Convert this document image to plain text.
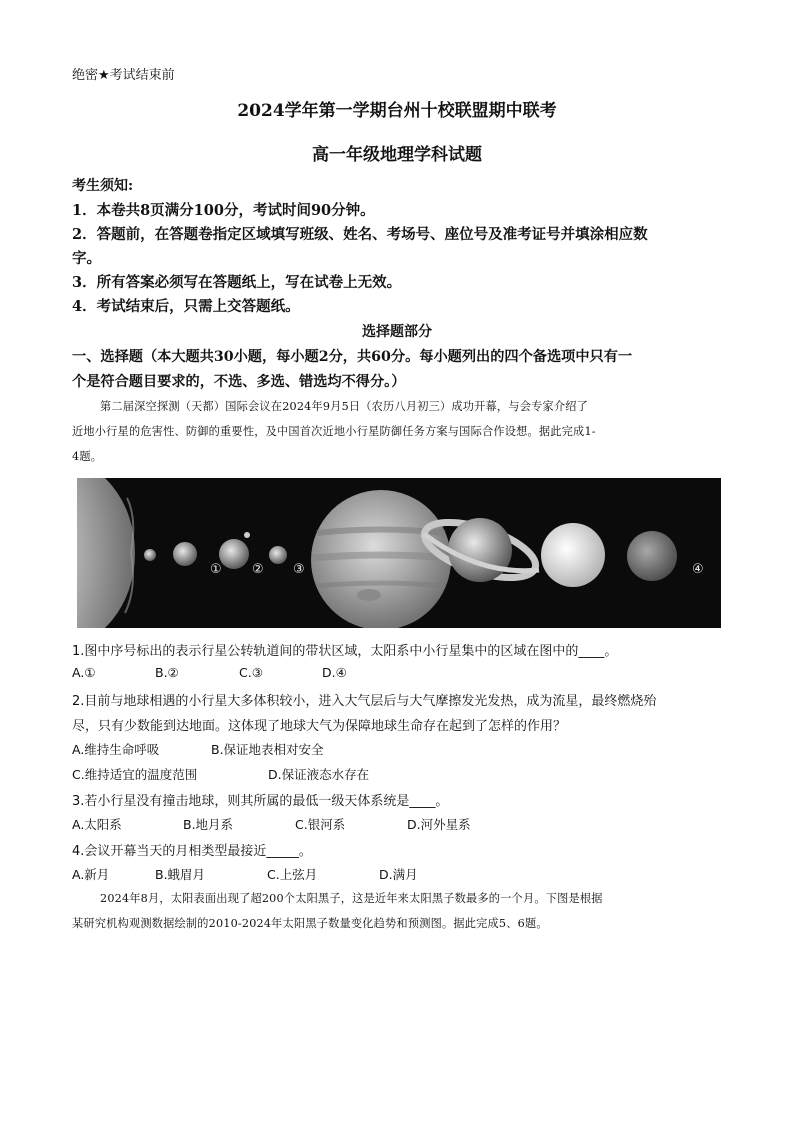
绝密★考试结束前
2024学年第一学期台州十校联盟期中联考
高一年级地理学科试题
考生须知:
1．本卷共8页满分100分，考试时间90分钟。
2．答题前，在答题卷指定区域填写班级、姓名、考场号、座位号及准考证号并填涂相应数
字。
3．所有答案必须写在答题纸上，写在试卷上无效。
4．考试结束后，只需上交答题纸。
选择题部分
一、选择题（本大题共30小题，每小题2分，共60分。每小题列出的四个备选项中只有一
个是符合题目要求的，不选、多选、错选均不得分。）
第二届深空探测（天都）国际会议在2024年9月5日（农历八月初三）成功开幕，与会专家介绍了
近地小行星的危害性、防御的重要性，及中国首次近地小行星防御任务方案与国际合作设想。据此完成1-
4题。
① ② ③	④
1.图中序号标出的表示行星公转轨道间的带状区域，太阳系中小行星集中的区域在图中的____。
A.①	B.②	C.③	D.④
2.目前与地球相遇的小行星大多体积较小，进入大气层后与大气摩擦发光发热，成为流星，最终燃烧殆
尽，只有少数能到达地面。这体现了地球大气为保障地球生命存在起到了怎样的作用？
A.维持生命呼吸	B.保证地表相对安全
C.维持适宜的温度范围	D.保证液态水存在
3.若小行星没有撞击地球，则其所属的最低一级天体系统是____。
A.太阳系	B.地月系	C.银河系	D.河外星系
4.会议开幕当天的月相类型最接近_____。
A.新月	B.蛾眉月	C.上弦月	D.满月
2024年8月，太阳表面出现了超200个太阳黑子，这是近年来太阳黑子数最多的一个月。下图是根据
某研究机构观测数据绘制的2010-2024年太阳黑子数量变化趋势和预测图。据此完成5、6题。
